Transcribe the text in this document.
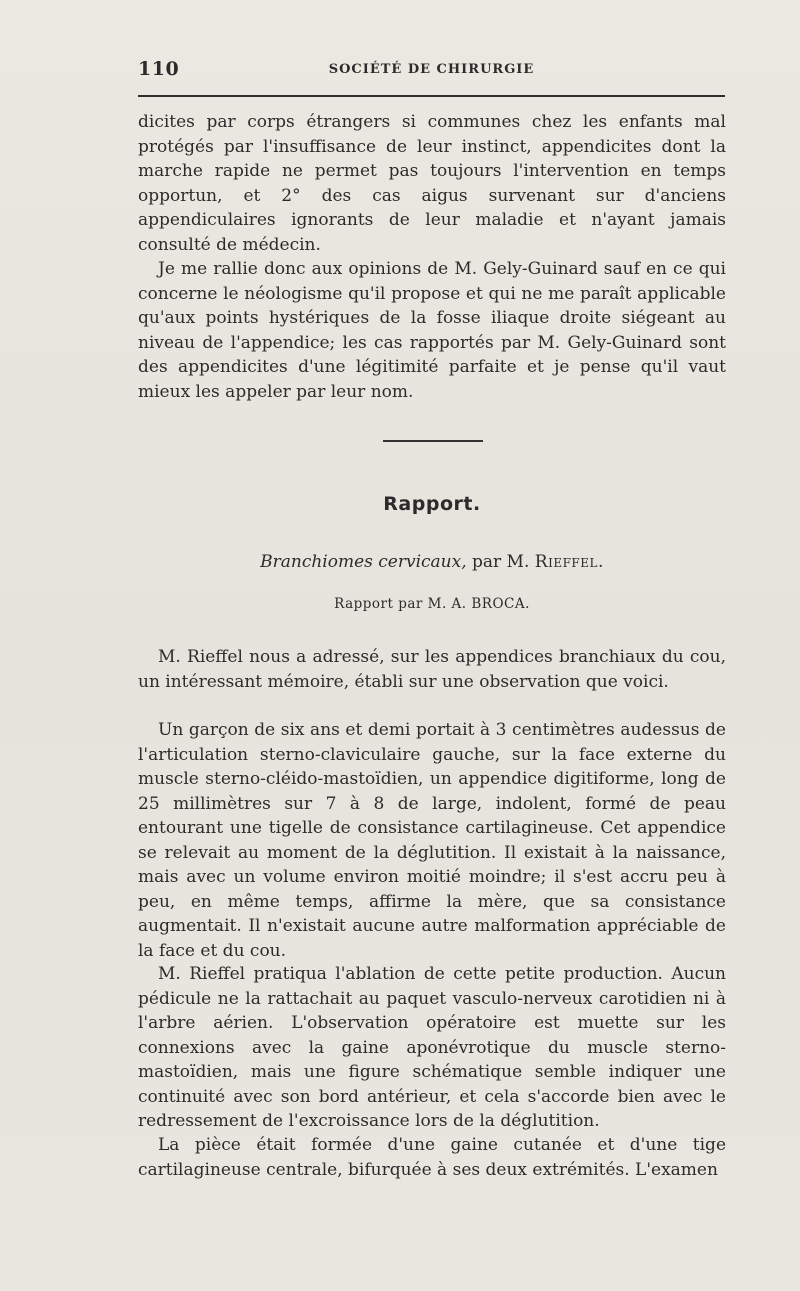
110	SOCIÉTÉ DE CHIRURGIE

dicites par corps étrangers si communes chez les enfants mal protégés par l'insuffisance de leur instinct, appendicites dont la marche rapide ne permet pas toujours l'intervention en temps opportun, et 2° des cas aigus survenant sur d'anciens appendiculaires ignorants de leur maladie et n'ayant jamais consulté de médecin.

Je me rallie donc aux opinions de M. Gely-Guinard sauf en ce qui concerne le néologisme qu'il propose et qui ne me paraît applicable qu'aux points hystériques de la fosse iliaque droite siégeant au niveau de l'appendice; les cas rapportés par M. Gely-Guinard sont des appendicites d'une légitimité parfaite et je pense qu'il vaut mieux les appeler par leur nom.

Rapport.
Branchiomes cervicaux, par M. Rieffel.
Rapport par M. A. BROCA.

M. Rieffel nous a adressé, sur les appendices branchiaux du cou, un intéressant mémoire, établi sur une observation que voici.

Un garçon de six ans et demi portait à 3 centimètres audessus de l'articulation sterno-claviculaire gauche, sur la face externe du muscle sterno-cléido-mastoïdien, un appendice digitiforme, long de 25 millimètres sur 7 à 8 de large, indolent, formé de peau entourant une tigelle de consistance cartilagineuse. Cet appendice se relevait au moment de la déglutition. Il existait à la naissance, mais avec un volume environ moitié moindre; il s'est accru peu à peu, en même temps, affirme la mère, que sa consistance augmentait. Il n'existait aucune autre malformation appréciable de la face et du cou.

M. Rieffel pratiqua l'ablation de cette petite production. Aucun pédicule ne la rattachait au paquet vasculo-nerveux carotidien ni à l'arbre aérien. L'observation opératoire est muette sur les connexions avec la gaine aponévrotique du muscle sterno-mastoïdien, mais une figure schématique semble indiquer une continuité avec son bord antérieur, et cela s'accorde bien avec le redressement de l'excroissance lors de la déglutition.

La pièce était formée d'une gaine cutanée et d'une tige cartilagineuse centrale, bifurquée à ses deux extrémités. L'examen
